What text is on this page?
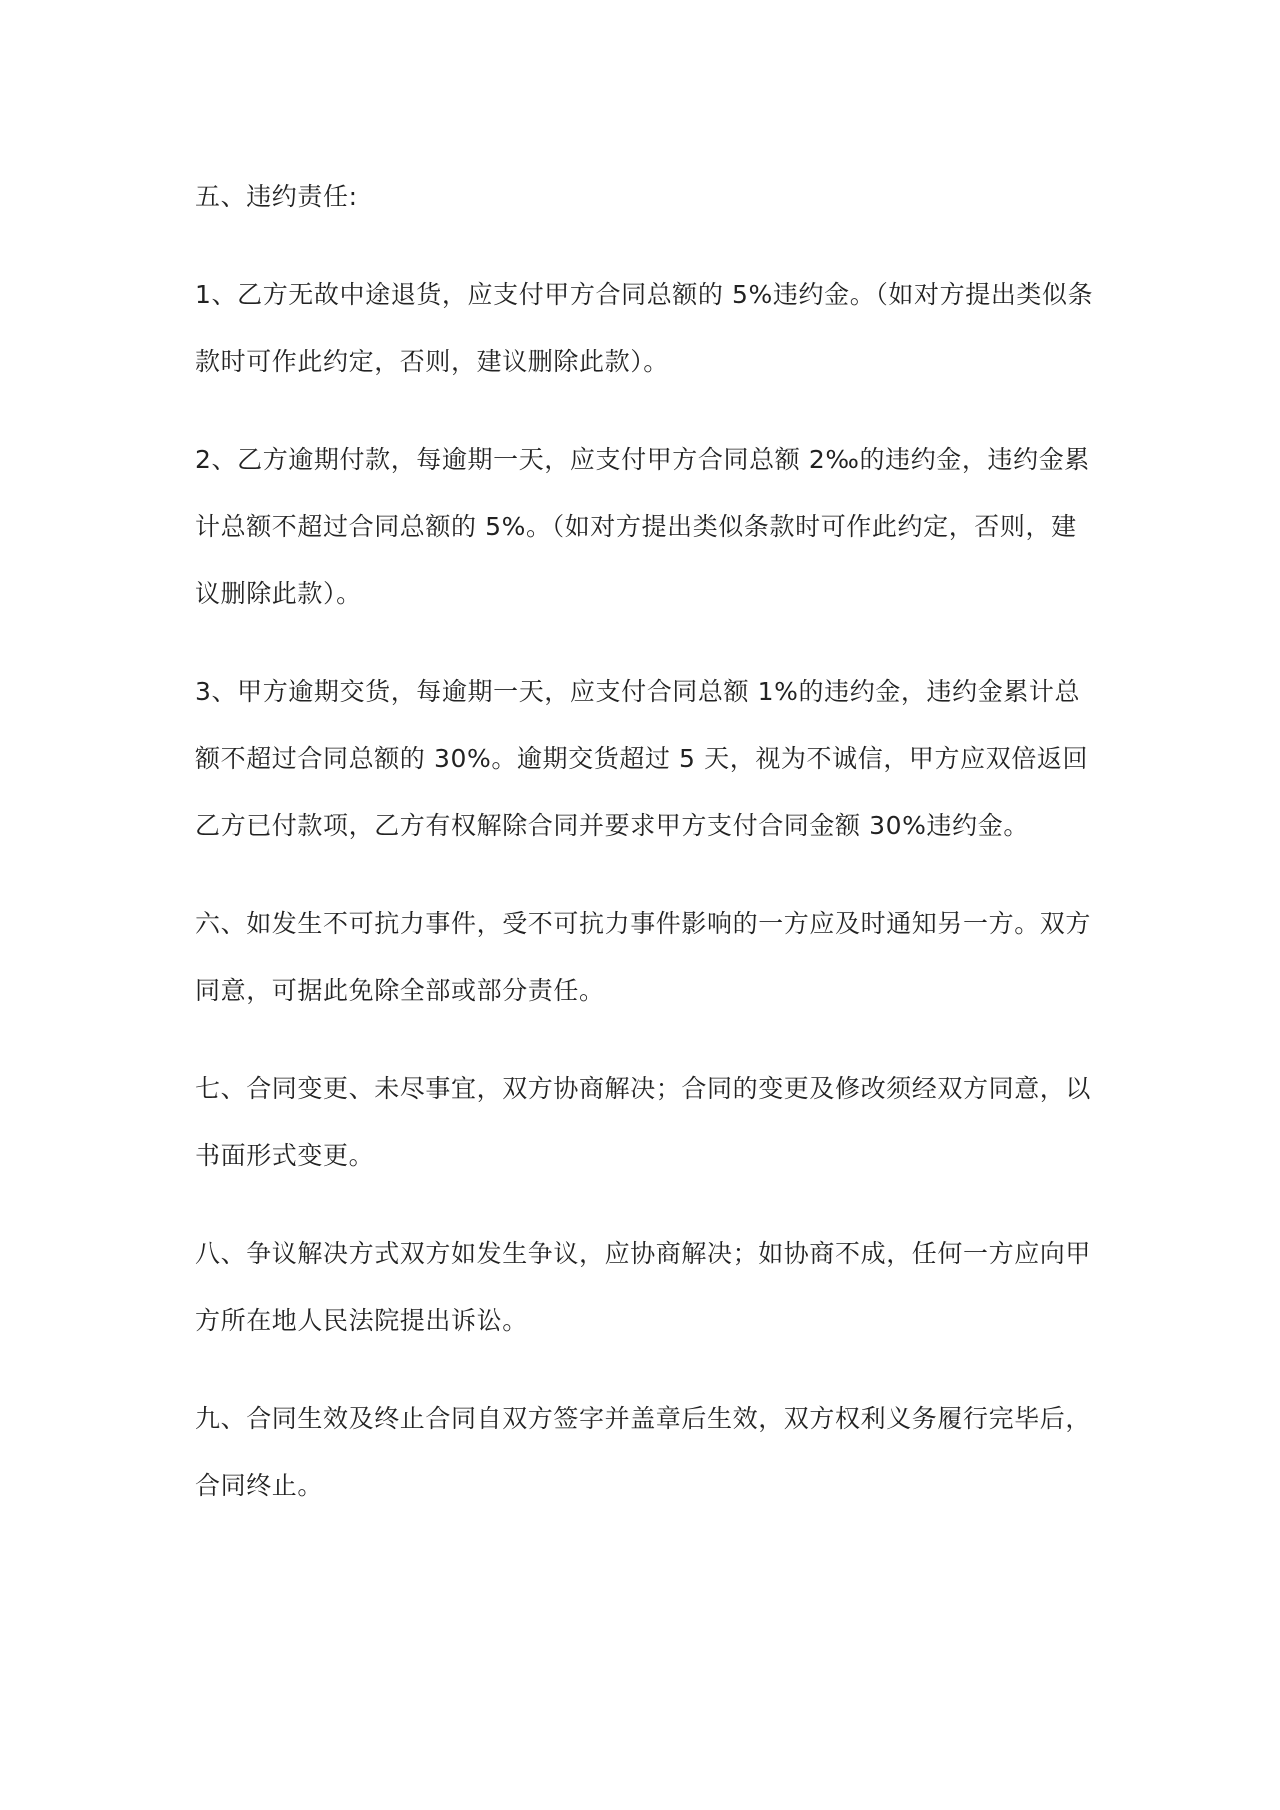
五、违约责任:

1、乙方无故中途退货，应支付甲方合同总额的 5%违约金。（如对方提出类似条款时可作此约定，否则，建议删除此款）。

2、乙方逾期付款，每逾期一天，应支付甲方合同总额 2‰的违约金，违约金累计总额不超过合同总额的 5%。（如对方提出类似条款时可作此约定，否则，建议删除此款）。

3、甲方逾期交货，每逾期一天，应支付合同总额 1%的违约金，违约金累计总额不超过合同总额的 30%。逾期交货超过 5 天，视为不诚信，甲方应双倍返回乙方已付款项，乙方有权解除合同并要求甲方支付合同金额 30%违约金。

六、如发生不可抗力事件，受不可抗力事件影响的一方应及时通知另一方。双方同意，可据此免除全部或部分责任。

七、合同变更、未尽事宜，双方协商解决；合同的变更及修改须经双方同意，以书面形式变更。

八、争议解决方式双方如发生争议，应协商解决；如协商不成，任何一方应向甲方所在地人民法院提出诉讼。

九、合同生效及终止合同自双方签字并盖章后生效，双方权利义务履行完毕后，合同终止。
